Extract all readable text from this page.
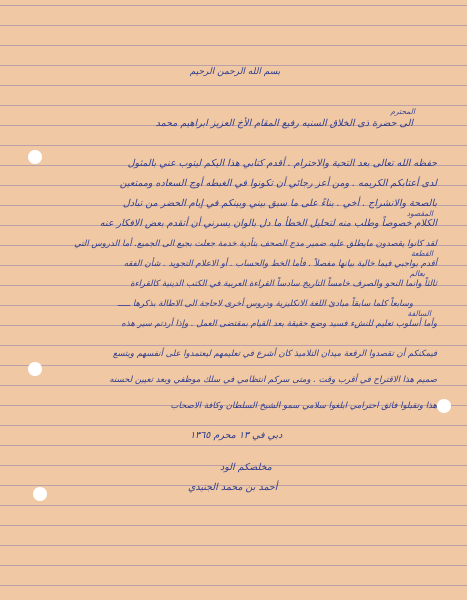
بسم الله الرحمن الرحيم
المحترم
الى حضرة ذى الخلاق السنيه رفيع المقام الأخ العزيز ابراهيم محمد
حفظه الله تعالى بعد التحية والاحترام . أقدم كتابي هذا اليكم ليتوب عني بالمثول
لدى أعتابكم الكريمه . ومن أعز رجائي أن تكونوا في الغبطه أوج السعاده وممتعين
بالصحة والانشراح . أخي . بناءً على ما سبق بيني وبينكم في إيام الحضر من تبادل
المقصود
الكلام خصوصاً وطلب منه لتحليل الخطأ ما دل بالوان يسرني أن أتقدم بعض الافكار عنه
لقد كانوا يقصدون مايطلق عليه ضمير مدح الصحف بتأدية خدمة جعلت بجيع الى الجميع. أما الدروس التي
القطعة
أقدم بواجبي فيما خالية بيانها مفصلاً . فأما الخط والحساب . أو الاعلام التجويد . شأن الفقه
بعالم
ثالثاً وانما النحو والصرف خامساً التاريخ سادساً القراءة العربية في الكتب الدينية كالقراءة
وسابعاً كلما سابقاً مبادئ اللغة الانكليزية ودروس أخرى لاحاجة الى الاطالة بذكرها ـــــ
السالفة
وأما أسلوب تعليم للنشء فسيد وضع حقيقة بعد القيام بمقتضى العمل . وإذا أردتم سير هذه
فيمكنكم أن تقصدوا الرقعة ميدان التلاميذ كان أشرع في تعليمهم ليعتمدوا على أنفسهم ويتسع
صميم هذا الاقتراح في أقرب وقت . ومتى سركم انتظامي في سلك موظفي وبعد تعيين لحسنه
هذا وتقبلوا فائق احترامي ابلغوا سلامي سمو الشيخ السلطان وكافة الاصحاب
دبي في ١٣ محرم ١٣٦٥
مخلصكم الود
أحمد بن محمد الجنيدي
